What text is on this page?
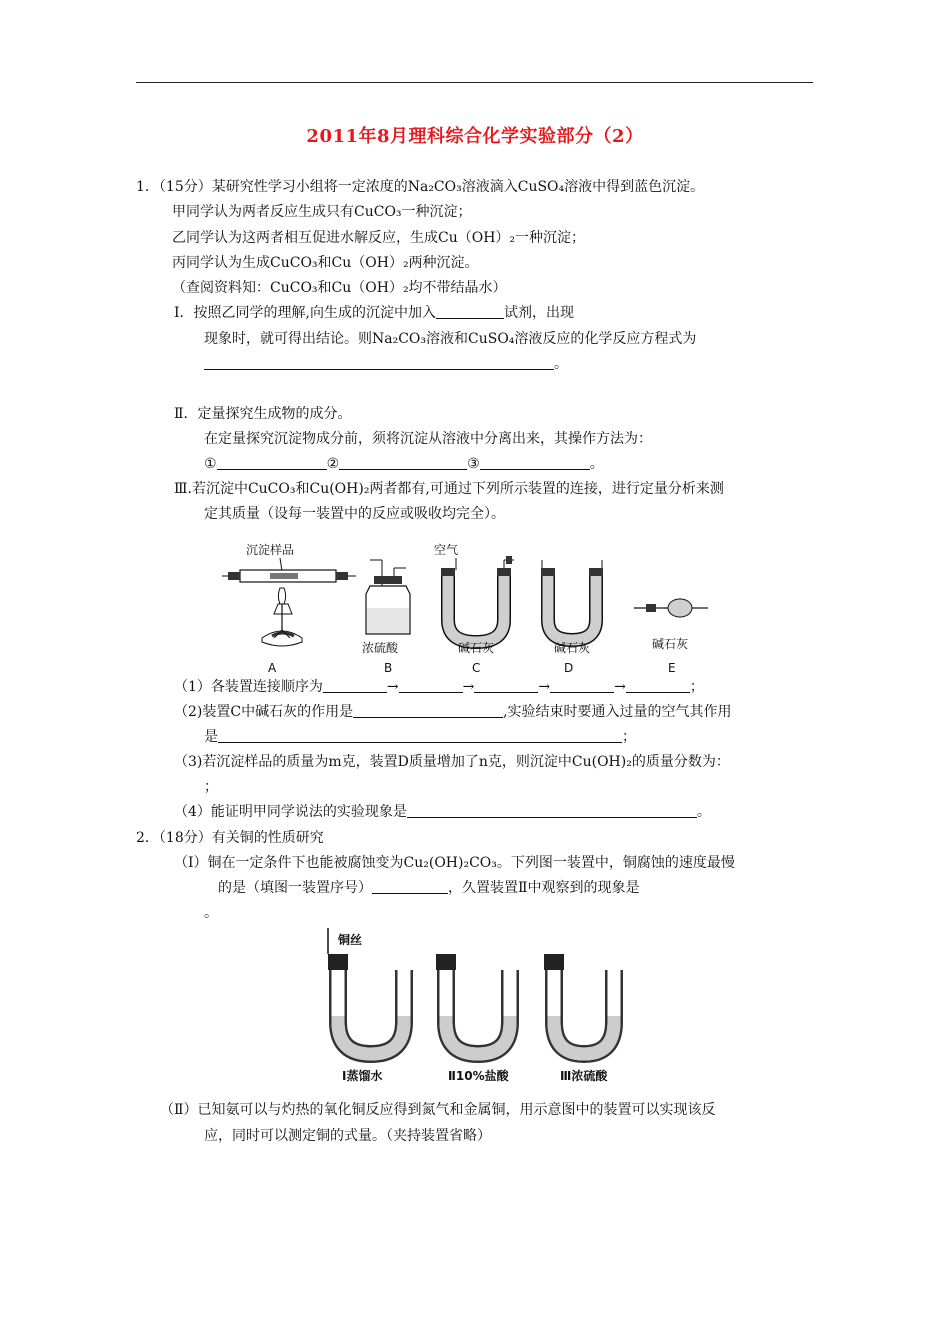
2011年8月理科综合化学实验部分（2）
1．（15分）某研究性学习小组将一定浓度的Na₂CO₃溶液滴入CuSO₄溶液中得到蓝色沉淀。
甲同学认为两者反应生成只有CuCO₃一种沉淀；
乙同学认为这两者相互促进水解反应，生成Cu（OH）₂一种沉淀；
丙同学认为生成CuCO₃和Cu（OH）₂两种沉淀。
（查阅资料知：CuCO₃和Cu（OH）₂均不带结晶水）
Ⅰ．按照乙同学的理解,向生成的沉淀中加入	试剂，出现
现象时，就可得出结论。则Na₂CO₃溶液和CuSO₄溶液反应的化学反应方程式为
。
Ⅱ．定量探究生成物的成分。
在定量探究沉淀物成分前，须将沉淀从溶液中分离出来，其操作方法为：
①	②	③	。
Ⅲ.若沉淀中CuCO₃和Cu(OH)₂两者都有,可通过下列所示装置的连接，进行定量分析来测
定其质量（设每一装置中的反应或吸收均完全）。
沉淀样品
A
浓硫酸
B
空气
碱石灰
C
碱石灰
D
碱石灰
E
（1）各装置连接顺序为	→	→	→	→	；
（2)装置C中碱石灰的作用是	,实验结束时要通入过量的空气其作用
是	；
（3)若沉淀样品的质量为m克，装置D质量增加了n克，则沉淀中Cu(OH)₂的质量分数为：
；
（4）能证明甲同学说法的实验现象是	。
2．（18分）有关铜的性质研究
（Ⅰ）铜在一定条件下也能被腐蚀变为Cu₂(OH)₂CO₃。下列图一装置中，铜腐蚀的速度最慢
的是（填图一装置序号）	，久置装置Ⅱ中观察到的现象是
。
铜丝
Ⅰ蒸馏水	Ⅱ10%盐酸	Ⅲ浓硫酸
（Ⅱ）已知氨可以与灼热的氧化铜反应得到氮气和金属铜，用示意图中的装置可以实现该反
应，同时可以测定铜的式量。（夹持装置省略）
